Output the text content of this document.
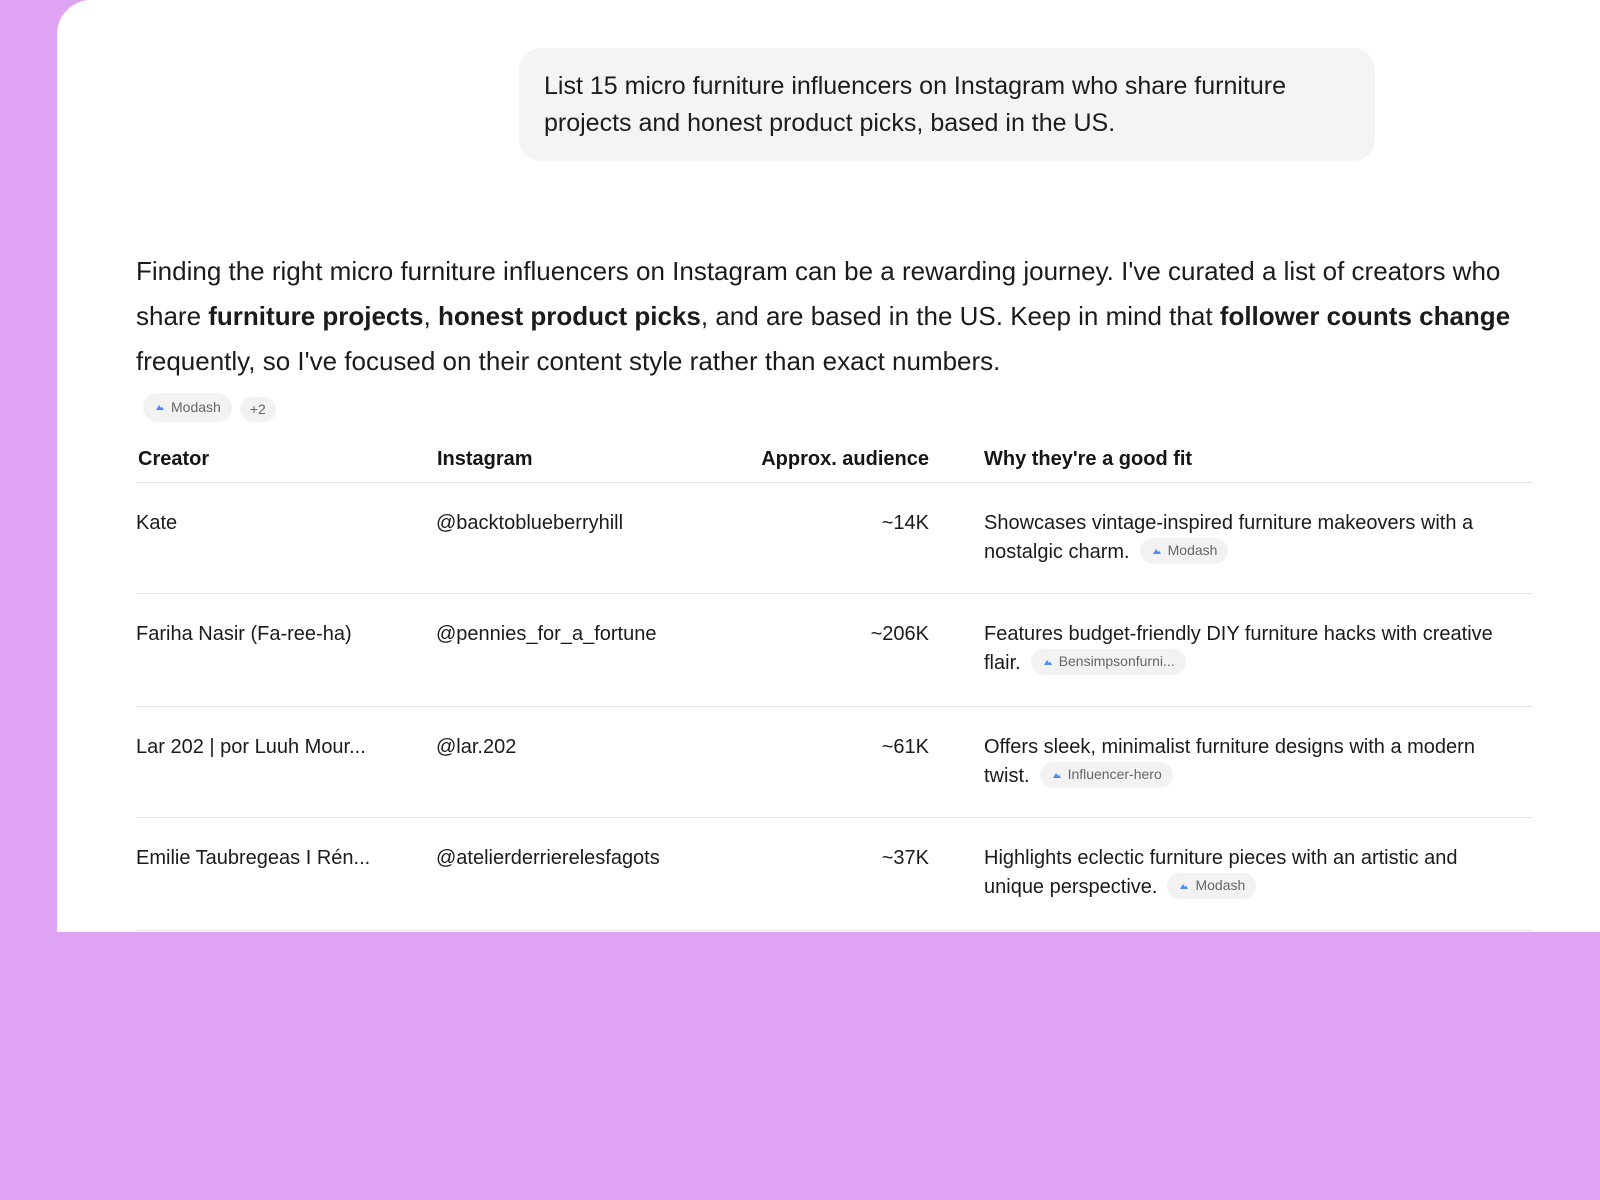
List 15 micro furniture influencers on Instagram who share furniture projects and honest product picks, based in the US.
Finding the right micro furniture influencers on Instagram can be a rewarding journey. I've curated a list of creators who share furniture projects, honest product picks, and are based in the US. Keep in mind that follower counts change frequently, so I've focused on their content style rather than exact numbers.
Modash +2
Creator	Instagram	Approx. audience	Why they're a good fit
Kate	@backtoblueberryhill	~14K	Showcases vintage-inspired furniture makeovers with a nostalgic charm. Modash

Fariha Nasir (Fa-ree-ha)	@pennies_for_a_fortune	~206K	Features budget-friendly DIY furniture hacks with creative flair. Bensimpsonfurni...

Lar 202 | por Luuh Mour...	@lar.202	~61K	Offers sleek, minimalist furniture designs with a modern twist. Influencer-hero

Emilie Taubregeas I Rén...	@atelierderrierelesfagots	~37K	Highlights eclectic furniture pieces with an artistic and unique perspective. Modash
